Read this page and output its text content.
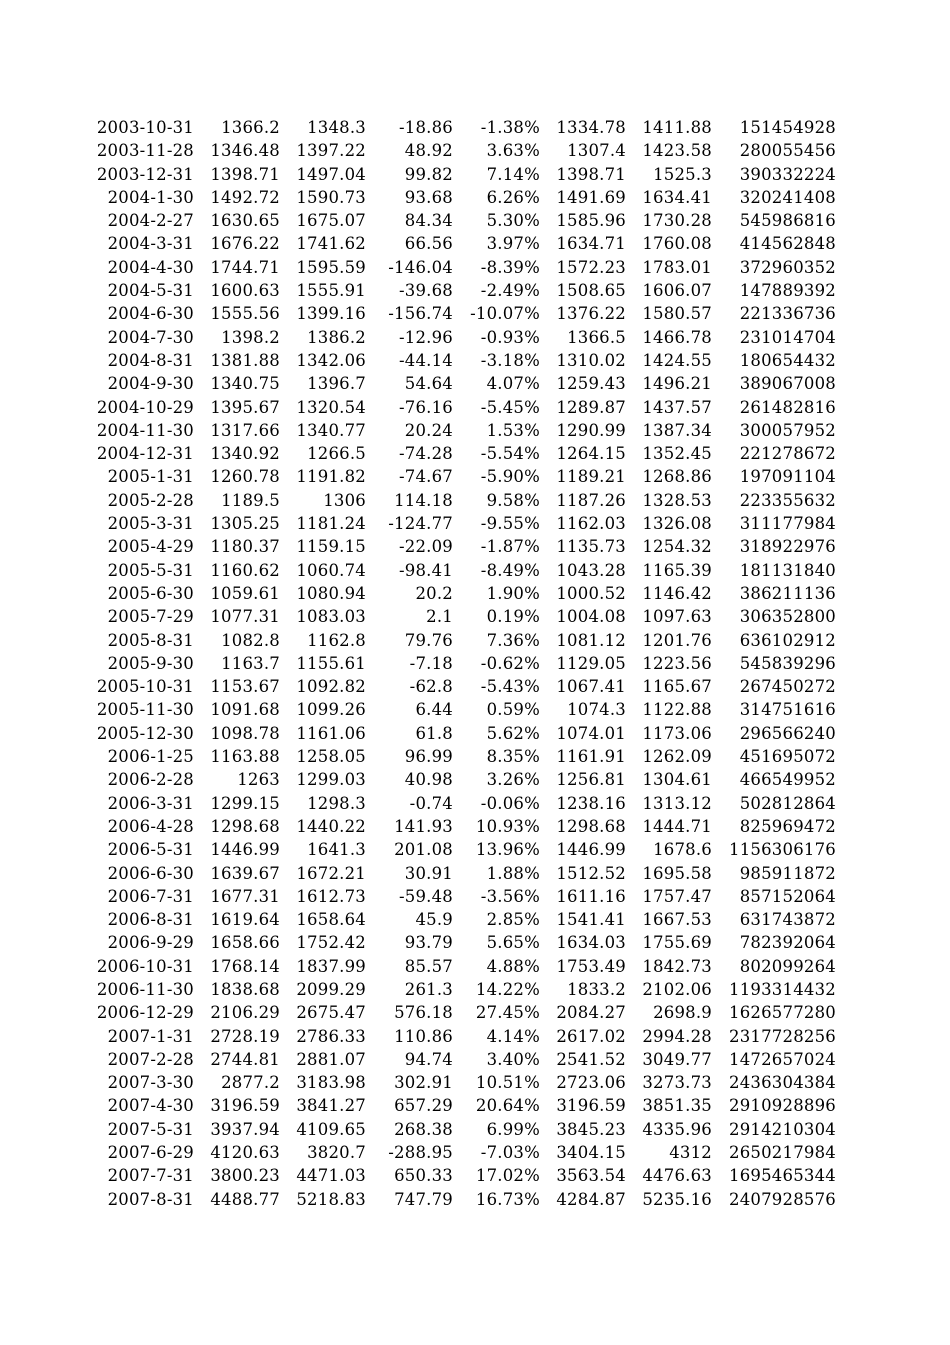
2003-10-31	1366.2	1348.3	-18.86	-1.38%	1334.78	1411.88	151454928
2003-11-28	1346.48	1397.22	48.92	3.63%	1307.4	1423.58	280055456
2003-12-31	1398.71	1497.04	99.82	7.14%	1398.71	1525.3	390332224
2004-1-30	1492.72	1590.73	93.68	6.26%	1491.69	1634.41	320241408
2004-2-27	1630.65	1675.07	84.34	5.30%	1585.96	1730.28	545986816
2004-3-31	1676.22	1741.62	66.56	3.97%	1634.71	1760.08	414562848
2004-4-30	1744.71	1595.59	-146.04	-8.39%	1572.23	1783.01	372960352
2004-5-31	1600.63	1555.91	-39.68	-2.49%	1508.65	1606.07	147889392
2004-6-30	1555.56	1399.16	-156.74	-10.07%	1376.22	1580.57	221336736
2004-7-30	1398.2	1386.2	-12.96	-0.93%	1366.5	1466.78	231014704
2004-8-31	1381.88	1342.06	-44.14	-3.18%	1310.02	1424.55	180654432
2004-9-30	1340.75	1396.7	54.64	4.07%	1259.43	1496.21	389067008
2004-10-29	1395.67	1320.54	-76.16	-5.45%	1289.87	1437.57	261482816
2004-11-30	1317.66	1340.77	20.24	1.53%	1290.99	1387.34	300057952
2004-12-31	1340.92	1266.5	-74.28	-5.54%	1264.15	1352.45	221278672
2005-1-31	1260.78	1191.82	-74.67	-5.90%	1189.21	1268.86	197091104
2005-2-28	1189.5	1306	114.18	9.58%	1187.26	1328.53	223355632
2005-3-31	1305.25	1181.24	-124.77	-9.55%	1162.03	1326.08	311177984
2005-4-29	1180.37	1159.15	-22.09	-1.87%	1135.73	1254.32	318922976
2005-5-31	1160.62	1060.74	-98.41	-8.49%	1043.28	1165.39	181131840
2005-6-30	1059.61	1080.94	20.2	1.90%	1000.52	1146.42	386211136
2005-7-29	1077.31	1083.03	2.1	0.19%	1004.08	1097.63	306352800
2005-8-31	1082.8	1162.8	79.76	7.36%	1081.12	1201.76	636102912
2005-9-30	1163.7	1155.61	-7.18	-0.62%	1129.05	1223.56	545839296
2005-10-31	1153.67	1092.82	-62.8	-5.43%	1067.41	1165.67	267450272
2005-11-30	1091.68	1099.26	6.44	0.59%	1074.3	1122.88	314751616
2005-12-30	1098.78	1161.06	61.8	5.62%	1074.01	1173.06	296566240
2006-1-25	1163.88	1258.05	96.99	8.35%	1161.91	1262.09	451695072
2006-2-28	1263	1299.03	40.98	3.26%	1256.81	1304.61	466549952
2006-3-31	1299.15	1298.3	-0.74	-0.06%	1238.16	1313.12	502812864
2006-4-28	1298.68	1440.22	141.93	10.93%	1298.68	1444.71	825969472
2006-5-31	1446.99	1641.3	201.08	13.96%	1446.99	1678.6	1156306176
2006-6-30	1639.67	1672.21	30.91	1.88%	1512.52	1695.58	985911872
2006-7-31	1677.31	1612.73	-59.48	-3.56%	1611.16	1757.47	857152064
2006-8-31	1619.64	1658.64	45.9	2.85%	1541.41	1667.53	631743872
2006-9-29	1658.66	1752.42	93.79	5.65%	1634.03	1755.69	782392064
2006-10-31	1768.14	1837.99	85.57	4.88%	1753.49	1842.73	802099264
2006-11-30	1838.68	2099.29	261.3	14.22%	1833.2	2102.06	1193314432
2006-12-29	2106.29	2675.47	576.18	27.45%	2084.27	2698.9	1626577280
2007-1-31	2728.19	2786.33	110.86	4.14%	2617.02	2994.28	2317728256
2007-2-28	2744.81	2881.07	94.74	3.40%	2541.52	3049.77	1472657024
2007-3-30	2877.2	3183.98	302.91	10.51%	2723.06	3273.73	2436304384
2007-4-30	3196.59	3841.27	657.29	20.64%	3196.59	3851.35	2910928896
2007-5-31	3937.94	4109.65	268.38	6.99%	3845.23	4335.96	2914210304
2007-6-29	4120.63	3820.7	-288.95	-7.03%	3404.15	4312	2650217984
2007-7-31	3800.23	4471.03	650.33	17.02%	3563.54	4476.63	1695465344
2007-8-31	4488.77	5218.83	747.79	16.73%	4284.87	5235.16	2407928576
